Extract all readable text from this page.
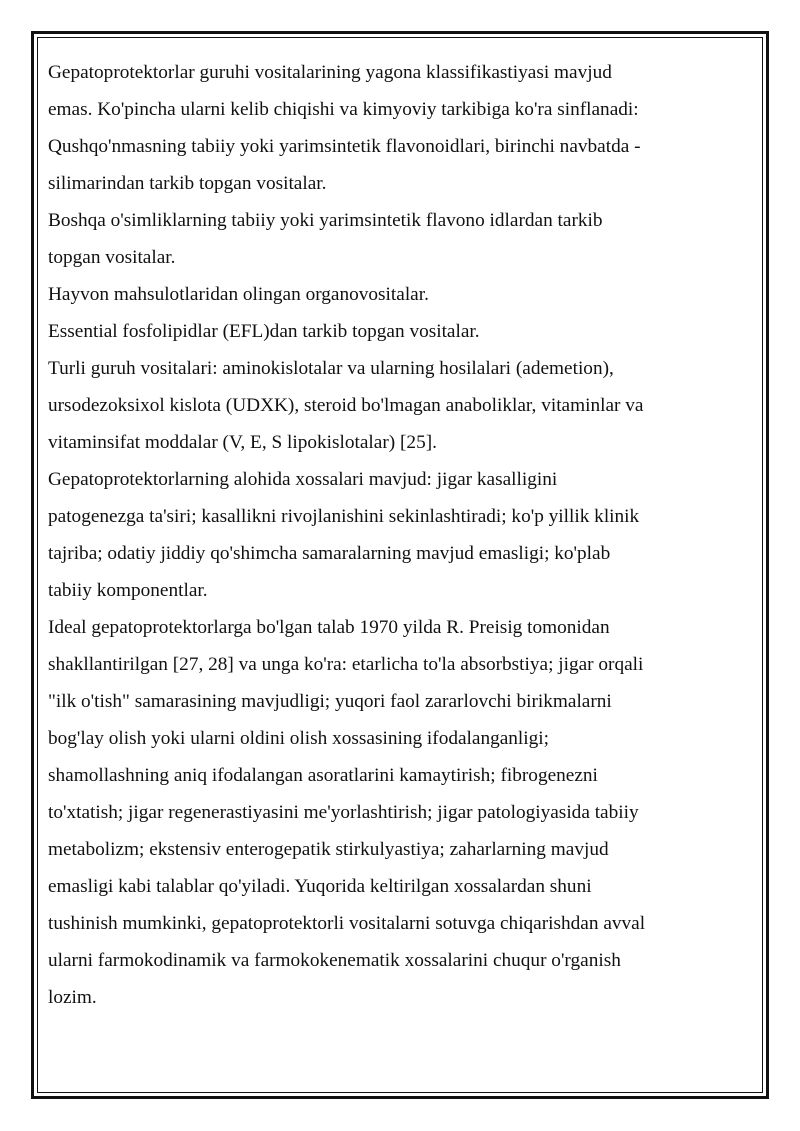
Gepatoprotektorlar guruhi vositalarining yagona klassifikastiyasi mavjud

emas. Ko'pincha ularni kelib chiqishi va kimyoviy tarkibiga ko'ra sinflanadi:

Qushqo'nmasning tabiiy yoki yarimsintetik flavonoidlari, birinchi navbatda -

silimarindan tarkib topgan vositalar.

Boshqa o'simliklarning tabiiy yoki yarimsintetik flavono idlardan tarkib

topgan vositalar.

Hayvon mahsulotlaridan olingan organovositalar.

Essential fosfolipidlar (EFL)dan tarkib topgan vositalar.

Turli guruh vositalari: aminokislotalar va ularning hosilalari (ademetion),

ursodezoksixol kislota (UDXK), steroid bo'lmagan anaboliklar, vitaminlar va

vitaminsifat moddalar (V, E, S lipokislotalar) [25].

Gepatoprotektorlarning alohida xossalari mavjud: jigar kasalligini

patogenezga ta'siri; kasallikni rivojlanishini sekinlashtiradi; ko'p yillik klinik

tajriba; odatiy jiddiy qo'shimcha samaralarning mavjud emasligi; ko'plab

tabiiy komponentlar.

Ideal gepatoprotektorlarga bo'lgan talab 1970 yilda R. Preisig tomonidan

shakllantirilgan [27, 28] va unga ko'ra: etarlicha to'la absorbstiya; jigar orqali

"ilk o'tish" samarasining mavjudligi; yuqori faol zararlovchi birikmalarni

bog'lay olish yoki ularni oldini olish xossasining ifodalanganligi;

shamollashning aniq ifodalangan asoratlarini kamaytirish; fibrogenezni

to'xtatish; jigar regenerastiyasini me'yorlashtirish; jigar patologiyasida tabiiy

metabolizm; ekstensiv enterogepatik stirkulyastiya; zaharlarning mavjud

emasligi kabi talablar qo'yiladi. Yuqorida keltirilgan xossalardan shuni

tushinish mumkinki, gepatoprotektorli vositalarni sotuvga chiqarishdan avval

ularni farmokodinamik va farmokokenematik xossalarini chuqur o'rganish

lozim.
